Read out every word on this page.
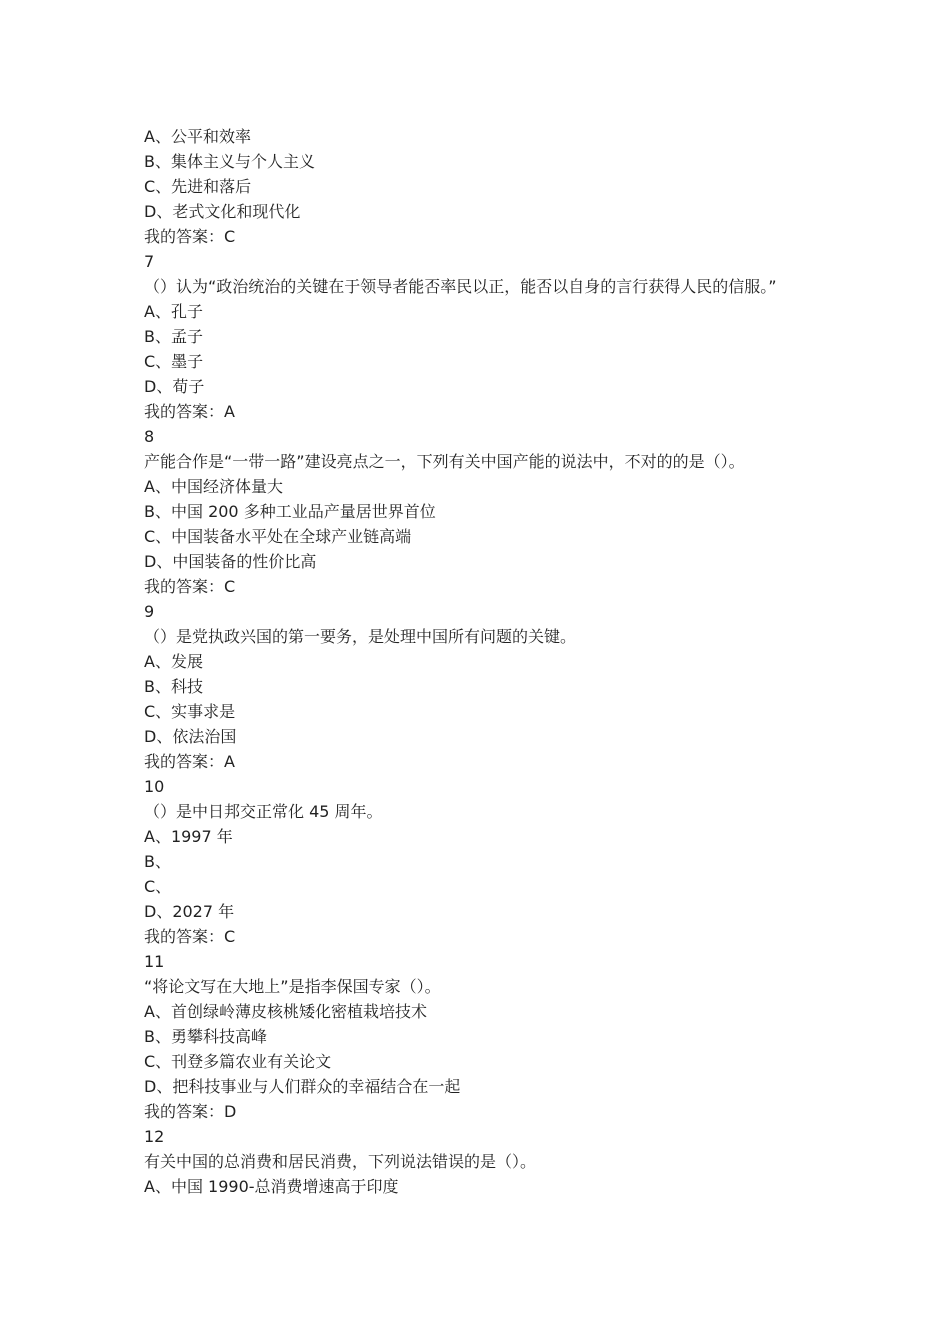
A、公平和效率

B、集体主义与个人主义

C、先进和落后

D、老式文化和现代化

我的答案：C

7

（）认为“政治统治的关键在于领导者能否率民以正，能否以自身的言行获得人民的信服。”

A、孔子

B、孟子

C、墨子

D、荀子

我的答案：A

8

产能合作是“一带一路”建设亮点之一，下列有关中国产能的说法中，不对的的是（）。

A、中国经济体量大

B、中国 200 多种工业品产量居世界首位

C、中国装备水平处在全球产业链高端

D、中国装备的性价比高

我的答案：C

9

（）是党执政兴国的第一要务，是处理中国所有问题的关键。

A、发展

B、科技

C、实事求是

D、依法治国

我的答案：A

10

（）是中日邦交正常化 45 周年。

A、1997 年

B、

C、

D、2027 年

我的答案：C

11

“将论文写在大地上”是指李保国专家（）。

A、首创绿岭薄皮核桃矮化密植栽培技术

B、勇攀科技高峰

C、刊登多篇农业有关论文

D、把科技事业与人们群众的幸福结合在一起

我的答案：D

12

有关中国的总消费和居民消费，下列说法错误的是（）。

A、中国 1990-总消费增速高于印度
